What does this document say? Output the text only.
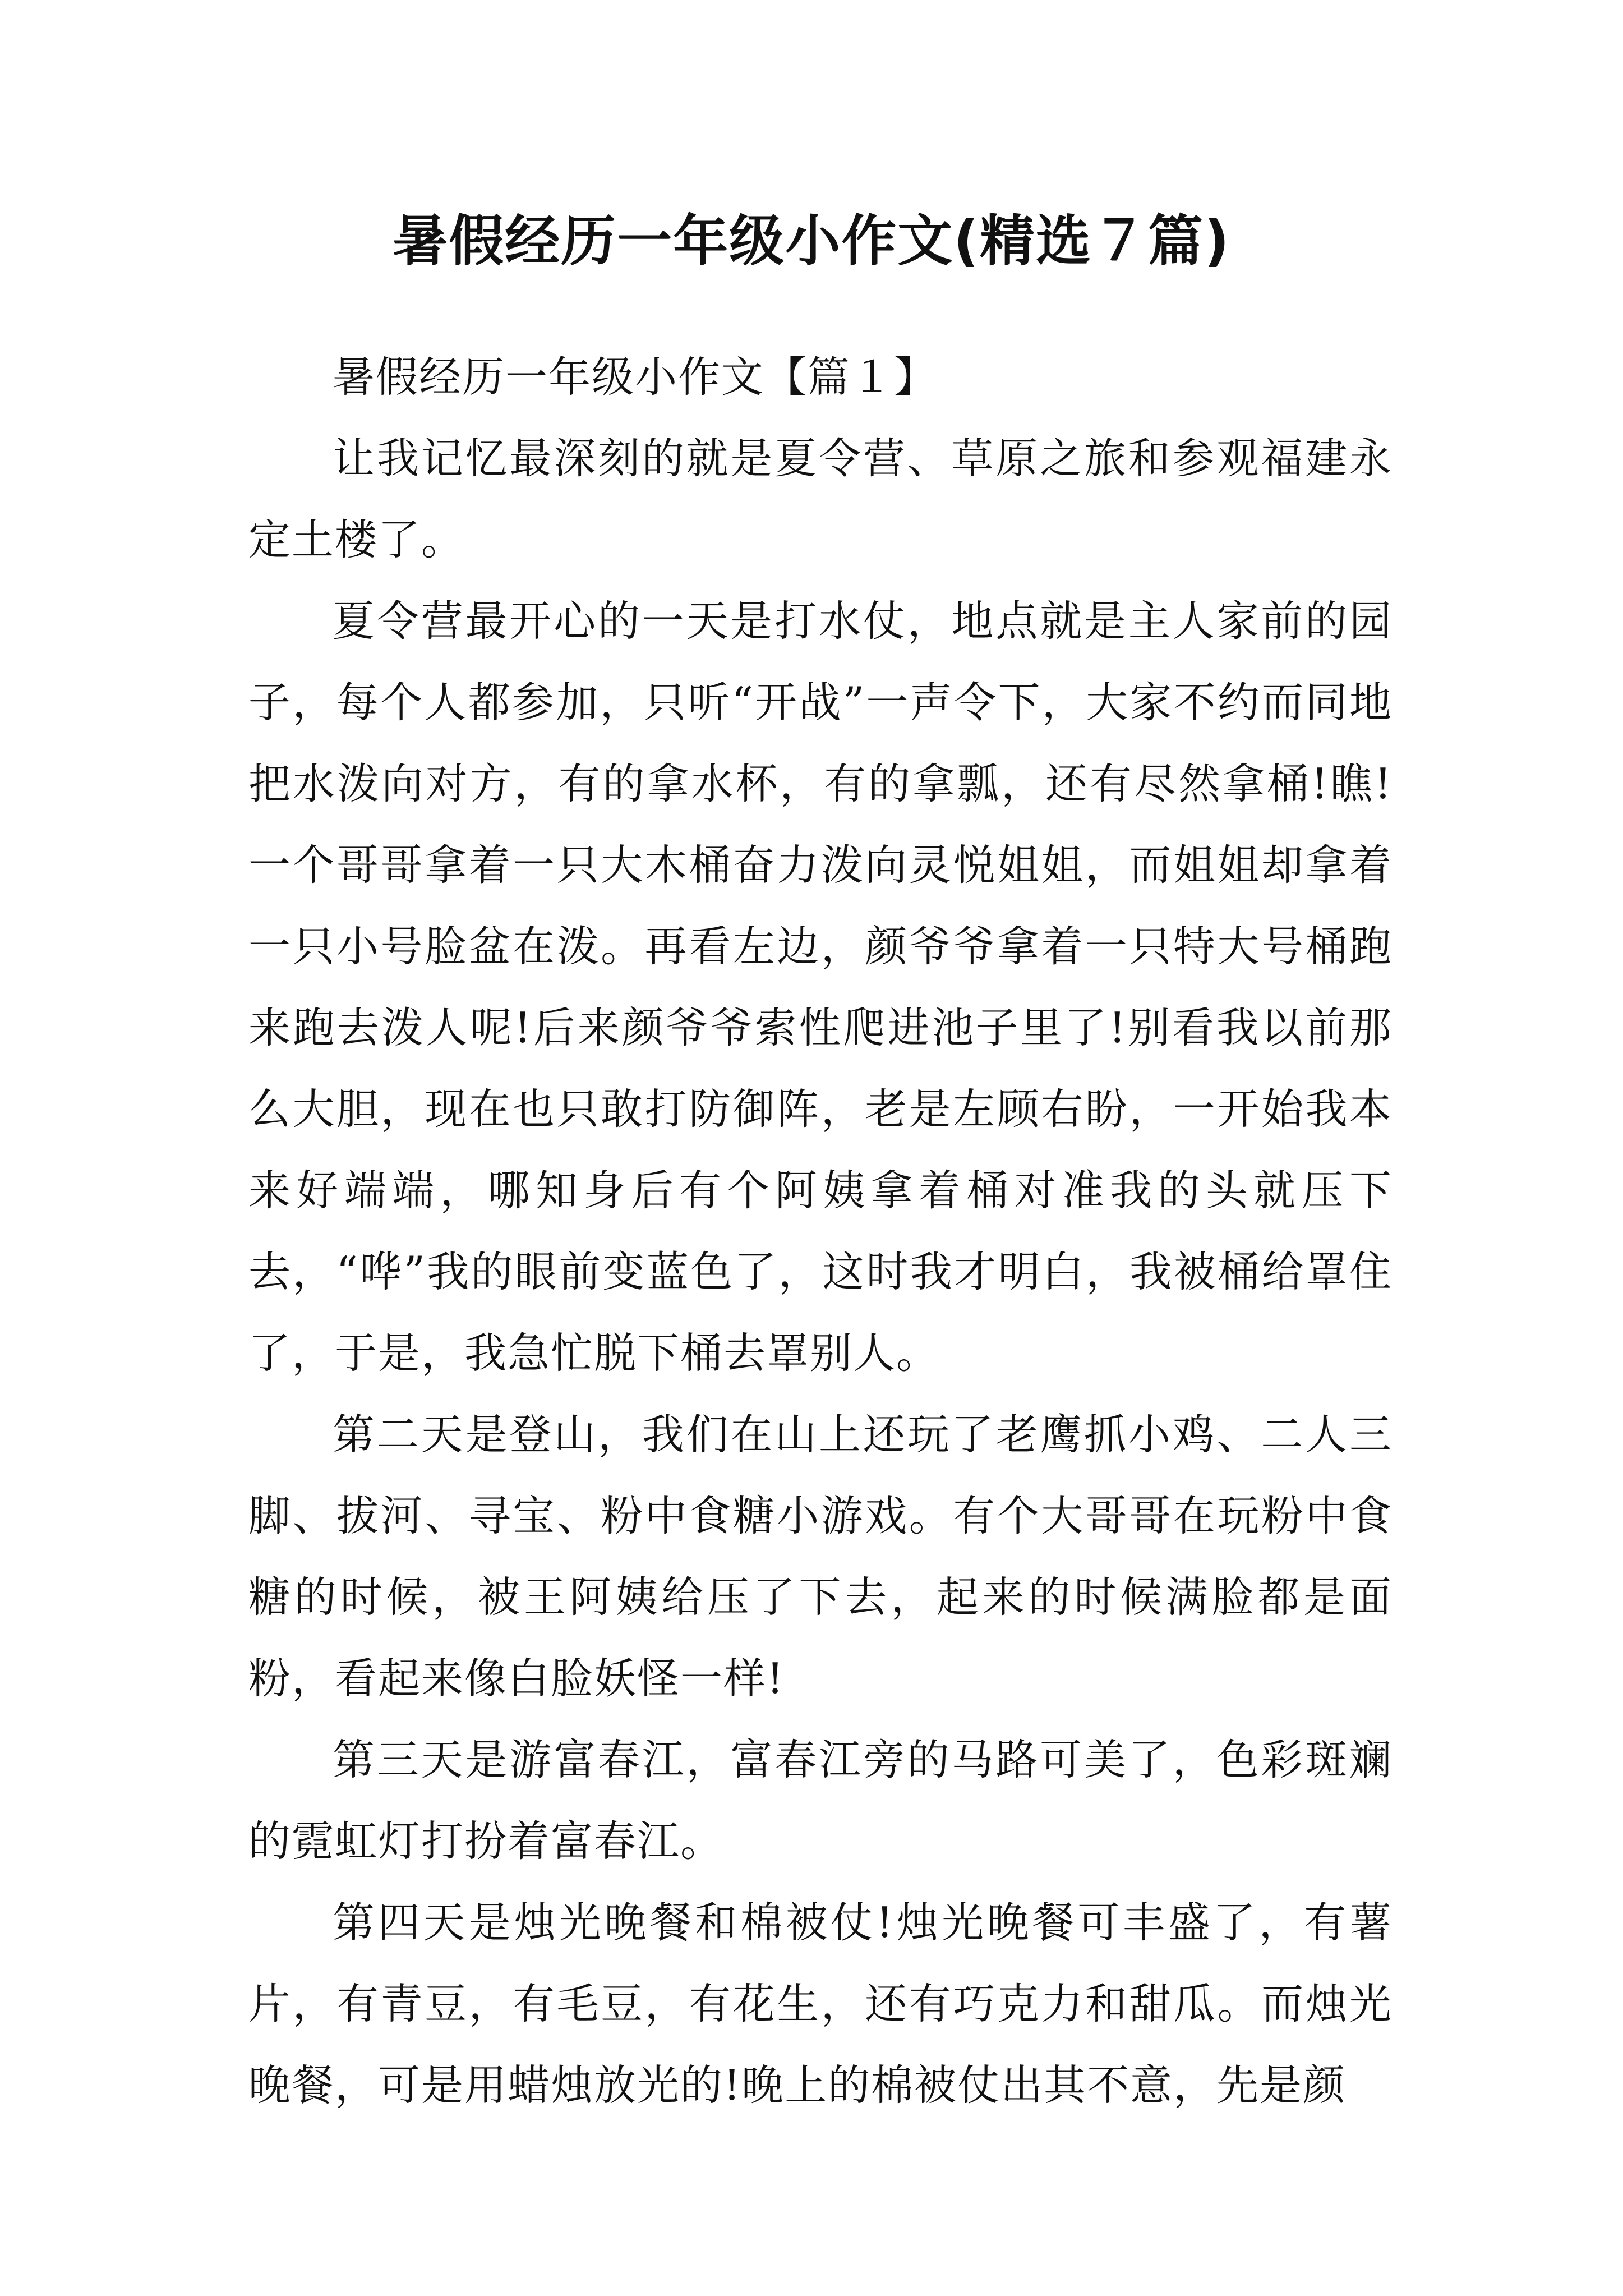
暑假经历一年级小作文(精选７篇)

暑假经历一年级小作文【篇１】

让我记忆最深刻的就是夏令营、草原之旅和参观福建永定土楼了。

夏令营最开心的一天是打水仗，地点就是主人家前的园子，每个人都参加，只听“开战”一声令下，大家不约而同地把水泼向对方，有的拿水杯，有的拿瓢，还有尽然拿桶!瞧!一个哥哥拿着一只大木桶奋力泼向灵悦姐姐，而姐姐却拿着一只小号脸盆在泼。再看左边，颜爷爷拿着一只特大号桶跑来跑去泼人呢!后来颜爷爷索性爬进池子里了!别看我以前那么大胆，现在也只敢打防御阵，老是左顾右盼，一开始我本来好端端，哪知身后有个阿姨拿着桶对准我的头就压下去，“哗”我的眼前变蓝色了，这时我才明白，我被桶给罩住了，于是，我急忙脱下桶去罩别人。

第二天是登山，我们在山上还玩了老鹰抓小鸡、二人三脚、拔河、寻宝、粉中食糖小游戏。有个大哥哥在玩粉中食糖的时候，被王阿姨给压了下去，起来的时候满脸都是面粉，看起来像白脸妖怪一样!

第三天是游富春江，富春江旁的马路可美了，色彩斑斓的霓虹灯打扮着富春江。

第四天是烛光晚餐和棉被仗!烛光晚餐可丰盛了，有薯片，有青豆，有毛豆，有花生，还有巧克力和甜瓜。而烛光晚餐，可是用蜡烛放光的!晚上的棉被仗出其不意，先是颜
